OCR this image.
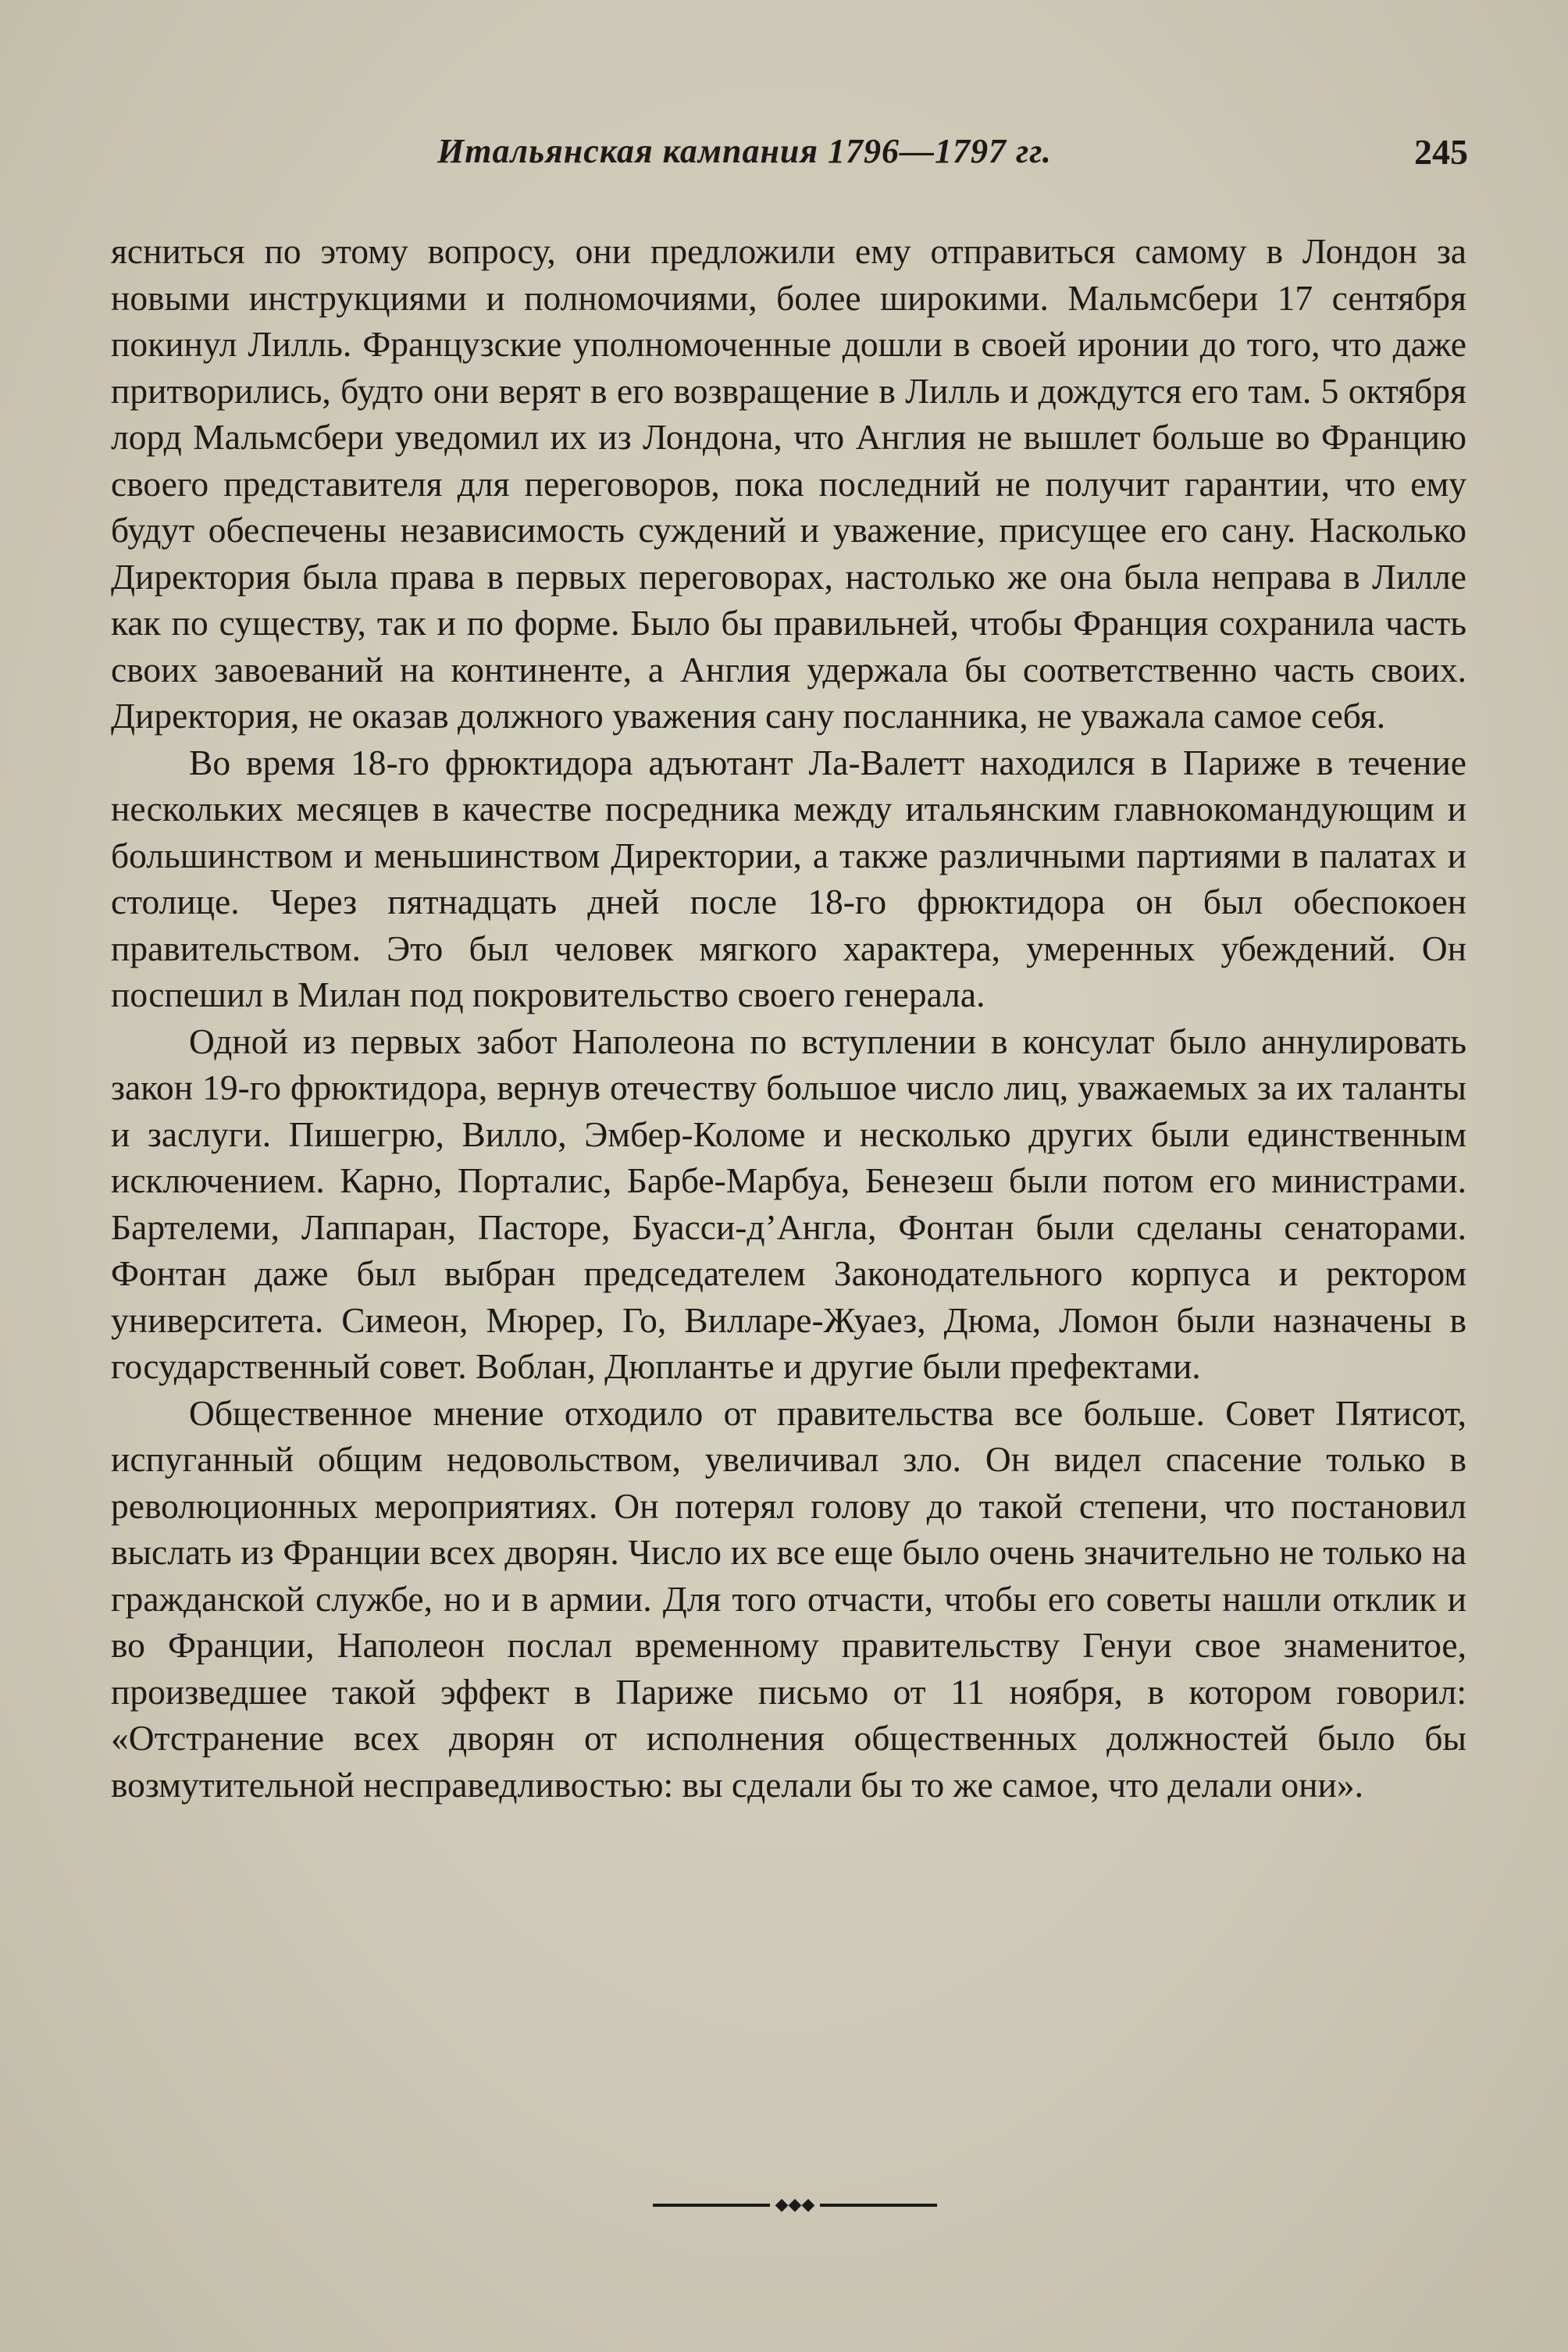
Итальянская кампания 1796—1797 гг.	245

ясниться по этому вопросу, они предложили ему отправиться самому в Лондон за новыми инструкциями и полномочиями, более широкими. Мальмсбери 17 сентября покинул Лилль. Французские уполномоченные дошли в своей иронии до того, что даже притворились, будто они верят в его возвращение в Лилль и дождутся его там. 5 октября лорд Мальмсбери уведомил их из Лондона, что Англия не вышлет больше во Францию своего представителя для переговоров, пока последний не получит гарантии, что ему будут обеспечены независимость суждений и уважение, присущее его сану. Насколько Директория была права в первых переговорах, настолько же она была неправа в Лилле как по существу, так и по форме. Было бы правильней, чтобы Франция сохранила часть своих завоеваний на континенте, а Англия удержала бы соответственно часть своих. Директория, не оказав должного уважения сану посланника, не уважала самое себя.

Во время 18-го фрюктидора адъютант Ла-Валетт находился в Париже в течение нескольких месяцев в качестве посредника между итальянским главнокомандующим и большинством и меньшинством Директории, а также различными партиями в палатах и столице. Через пятнадцать дней после 18-го фрюктидора он был обеспокоен правительством. Это был человек мягкого характера, умеренных убеждений. Он поспешил в Милан под покровительство своего генерала.

Одной из первых забот Наполеона по вступлении в консулат было аннулировать закон 19-го фрюктидора, вернув отечеству большое число лиц, уважаемых за их таланты и заслуги. Пишегрю, Вилло, Эмбер-Коломе и несколько других были единственным исключением. Карно, Порталис, Барбе-Марбуа, Бенезеш были потом его министрами. Бартелеми, Лаппаран, Пасторе, Буасси-д’Англа, Фонтан были сделаны сенаторами. Фонтан даже был выбран председателем Законодательного корпуса и ректором университета. Симеон, Мюрер, Го, Вилларе-Жуаез, Дюма, Ломон были назначены в государственный совет. Воблан, Дюплантье и другие были префектами.

Общественное мнение отходило от правительства все больше. Совет Пятисот, испуганный общим недовольством, увеличивал зло. Он видел спасение только в революционных мероприятиях. Он потерял голову до такой степени, что постановил выслать из Франции всех дворян. Число их все еще было очень значительно не только на гражданской службе, но и в армии. Для того отчасти, чтобы его советы нашли отклик и во Франции, Наполеон послал временному правительству Генуи свое знаменитое, произведшее такой эффект в Париже письмо от 11 ноября, в котором говорил: «Отстранение всех дворян от исполнения общественных должностей было бы возмутительной несправедливостью: вы сделали бы то же самое, что делали они».

◆◆◆
